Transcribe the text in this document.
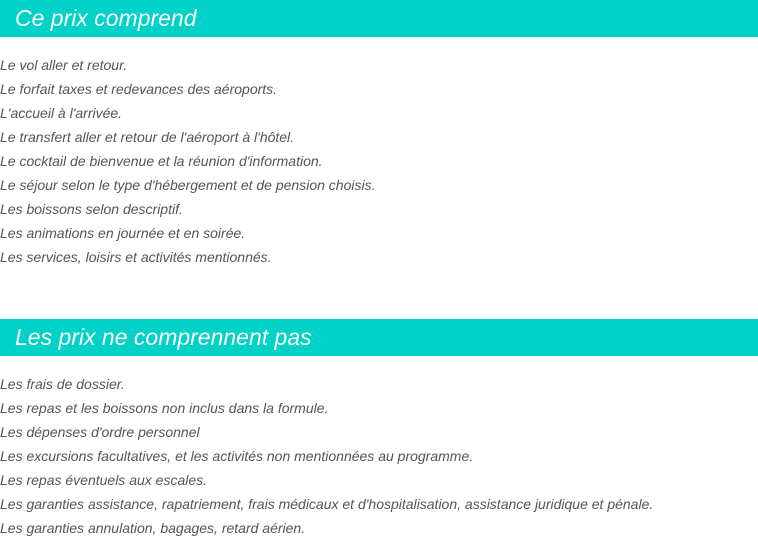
Ce prix comprend
Le vol aller et retour.
Le forfait taxes et redevances des aéroports.
L'accueil à l'arrivée.
Le transfert aller et retour de l'aéroport à l'hôtel.
Le cocktail de bienvenue et la réunion d'information.
Le séjour selon le type d'hébergement et de pension choisis.
Les boissons selon descriptif.
Les animations en journée et en soirée.
Les services, loisirs et activités mentionnés.
Les prix ne comprennent pas
Les frais de dossier.
Les repas et les boissons non inclus dans la formule.
Les dépenses d'ordre personnel
Les excursions facultatives, et les activités non mentionnées au programme.
Les repas éventuels aux escales.
Les garanties assistance, rapatriement, frais médicaux et d'hospitalisation, assistance juridique et pénale.
Les garanties annulation, bagages, retard aérien.
